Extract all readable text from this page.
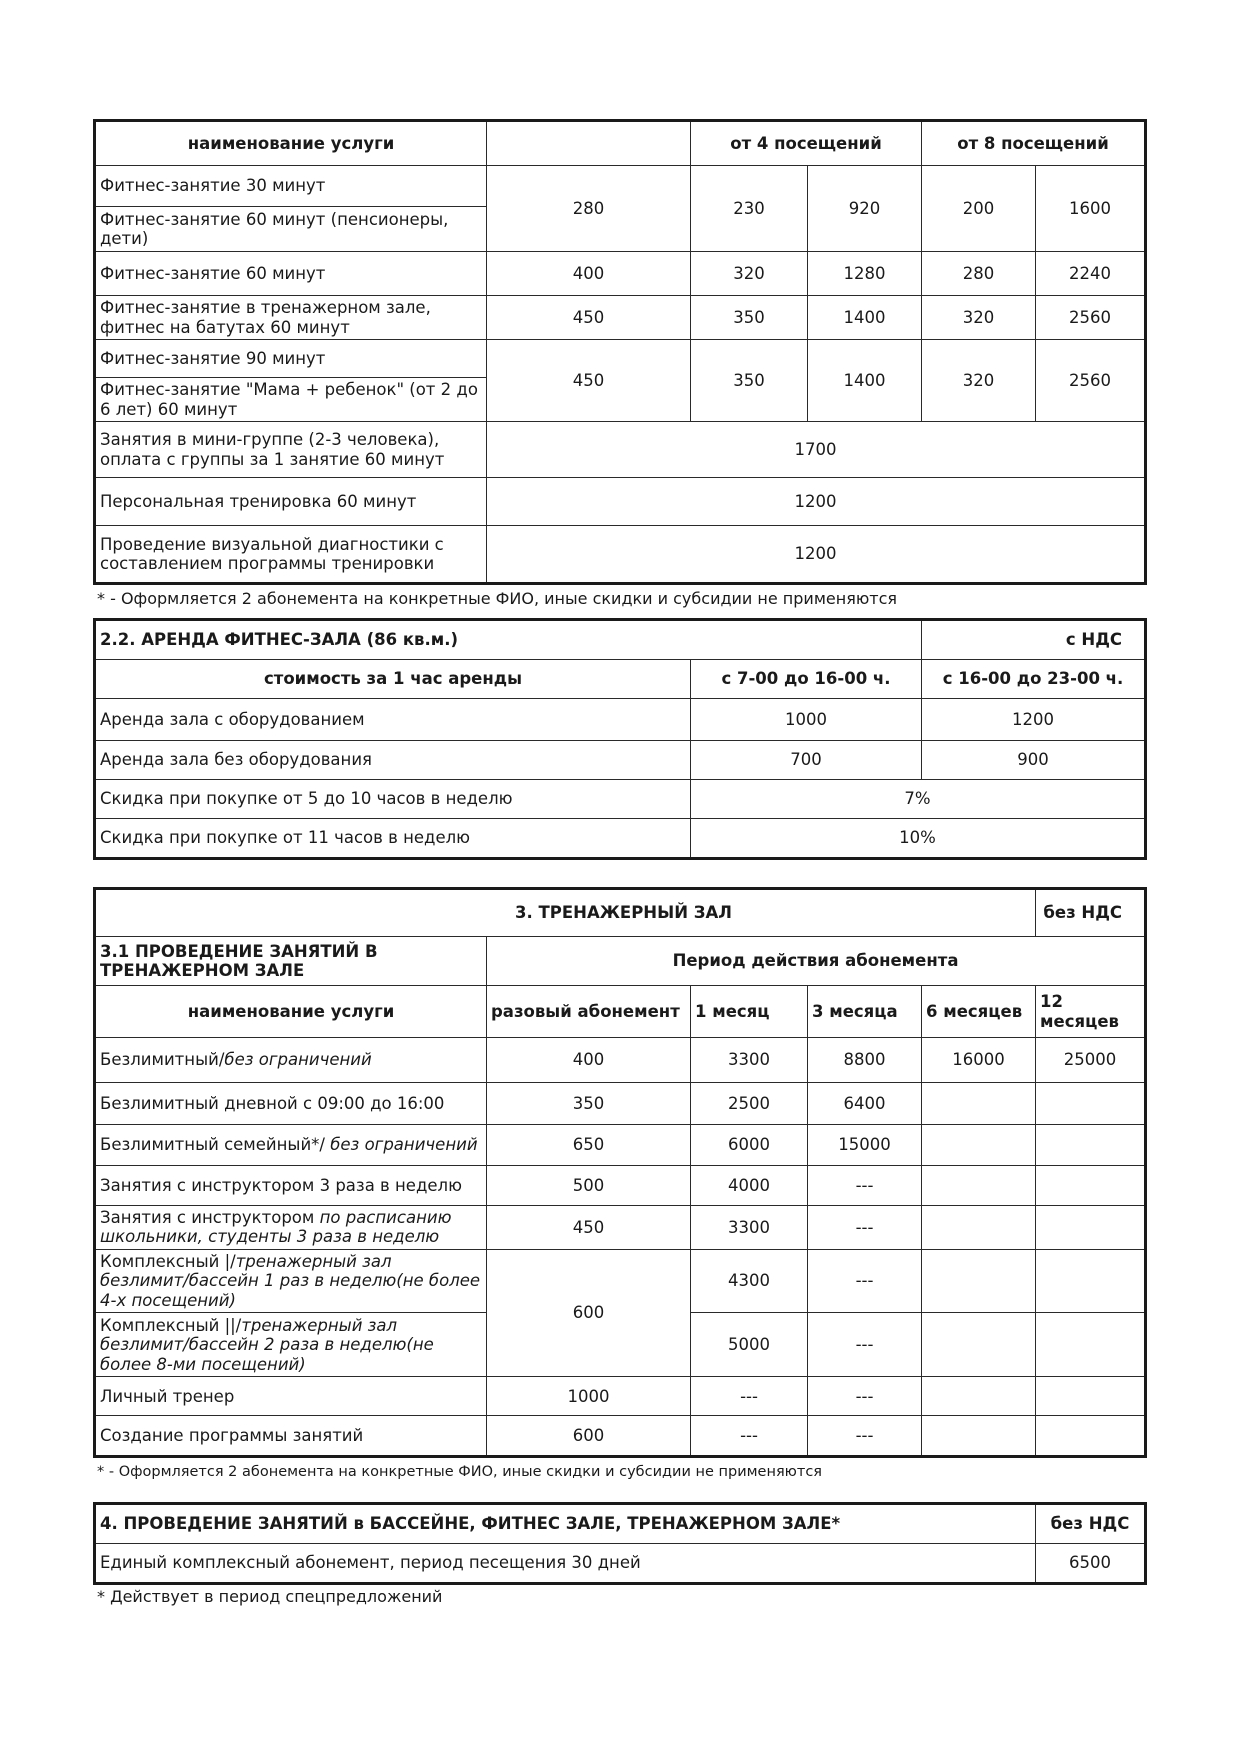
наименование услуги		от 4 посещений		от 8 посещений	
Фитнес-занятие 30 минут	280	230	920	200	1600
Фитнес-занятие 60 минут (пенсионеры, дети)					
Фитнес-занятие 60 минут	400	320	1280	280	2240
Фитнес-занятие в тренажерном зале, фитнес на батутах 60 минут	450	350	1400	320	2560
Фитнес-занятие 90 минут	450	350	1400	320	2560
Фитнес-занятие "Мама + ребенок" (от 2 до 6 лет) 60 минут					
Занятия в мини-группе (2-3 человека), оплата с группы за 1 занятие 60 минут	1700				
Персональная тренировка 60 минут	1200				
Проведение визуальной диагностики с составлением программы тренировки	1200				
* - Оформляется 2 абонемента на конкретные ФИО, иные скидки и субсидии не применяются
2.2. АРЕНДА ФИТНЕС-ЗАЛА (86 кв.м.)		с НДС
стоимость за 1 час аренды	с 7-00 до 16-00 ч.	с 16-00 до 23-00 ч.
Аренда зала с оборудованием	1000	1200
Аренда зала без оборудования	700	900
Скидка при покупке от 5 до 10 часов в неделю	7%	
Скидка при покупке от 11 часов в неделю	10%	
3. ТРЕНАЖЕРНЫЙ ЗАЛ					без НДС
3.1 ПРОВЕДЕНИЕ ЗАНЯТИЙ В ТРЕНАЖЕРНОМ ЗАЛЕ	Период действия абонемента				
наименование услуги	разовый абонемент	1 месяц	3 месяца	6 месяцев	12 месяцев
Безлимитный/без ограничений	400	3300	8800	16000	25000
Безлимитный дневной с 09:00 до 16:00	350	2500	6400		
Безлимитный семейный*/ без ограничений	650	6000	15000		
Занятия с инструктором 3 раза в неделю	500	4000	---		
Занятия с инструктором по расписанию школьники, студенты 3 раза в неделю	450	3300	---		
Комплексный |/тренажерный зал безлимит/бассейн 1 раз в неделю(не более 4-х посещений)	600	4300	---		
Комплексный ||/тренажерный зал безлимит/бассейн 2 раза в неделю(не более 8-ми посещений)		5000	---		
Личный тренер	1000	---	---		
Создание программы занятий	600	---	---		
* - Оформляется 2 абонемента на конкретные ФИО, иные скидки и субсидии не применяются
4. ПРОВЕДЕНИЕ ЗАНЯТИЙ в БАССЕЙНЕ, ФИТНЕС ЗАЛЕ, ТРЕНАЖЕРНОМ ЗАЛЕ*	без НДС
Единый комплексный абонемент, период пeсещения 30 дней	6500
* Действует в период спецпредложений
